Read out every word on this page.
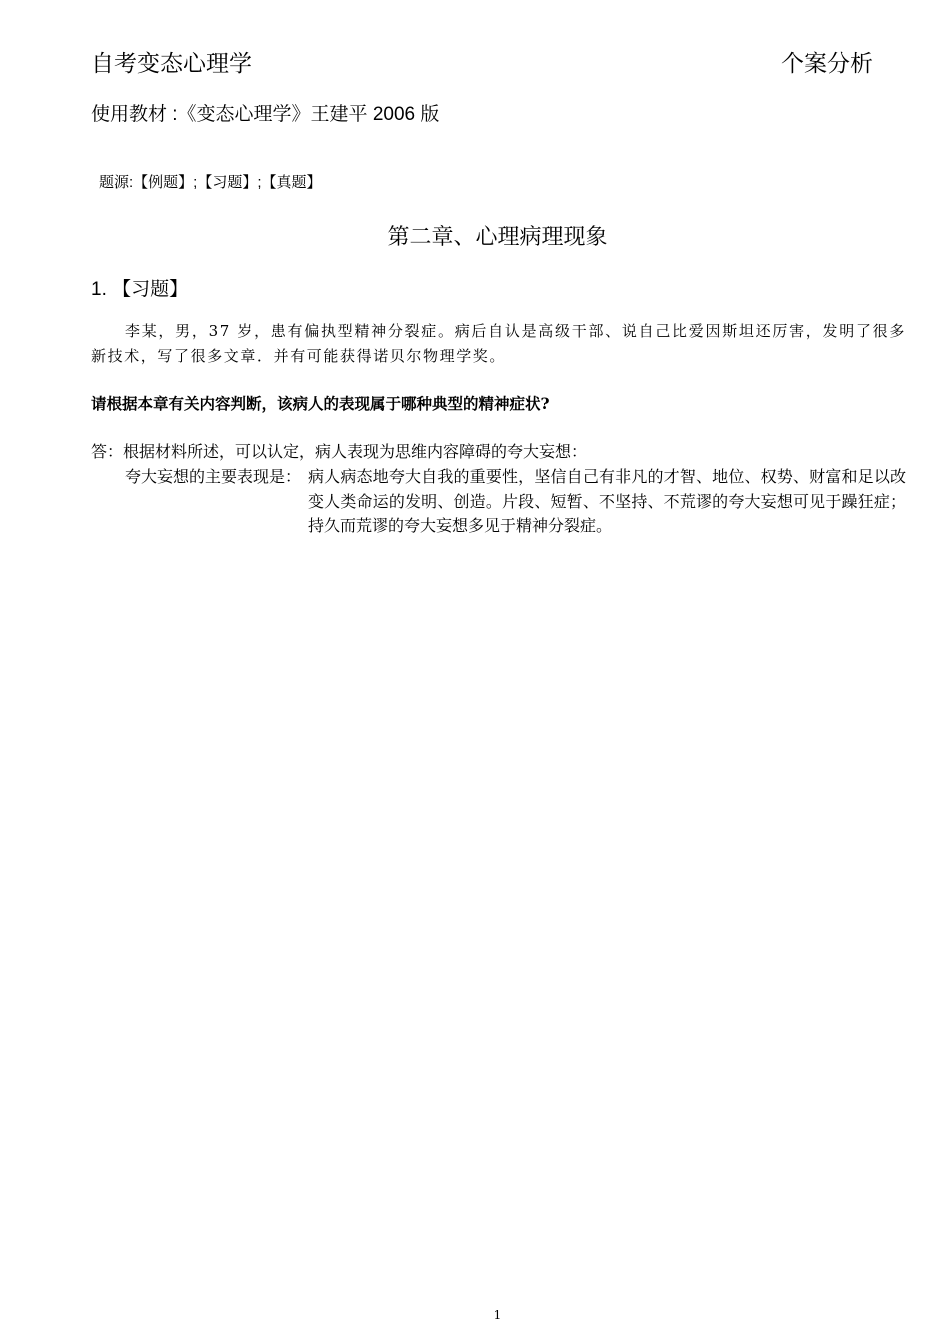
自考变态心理学	个案分析
使用教材 :《变态心理学》王建平 2006 版
题源:【例题】;【习题】;【真题】
第二章、心理病理现象
1. 【习题】
李某，男，37 岁，患有偏执型精神分裂症。病后自认是高级干部、说自己比爱因斯坦还厉害，发明了很多新技术，写了很多文章．并有可能获得诺贝尔物理学奖。
请根据本章有关内容判断，该病人的表现属于哪种典型的精神症状?
答：根据材料所述，可以认定，病人表现为思维内容障碍的夸大妄想：
夸大妄想的主要表现是： 病人病态地夸大自我的重要性，坚信自己有非凡的才智、地位、权势、财富和足以改变人类命运的发明、创造。片段、短暂、不坚持、不荒谬的夸大妄想可见于躁狂症；持久而荒谬的夸大妄想多见于精神分裂症。
1
